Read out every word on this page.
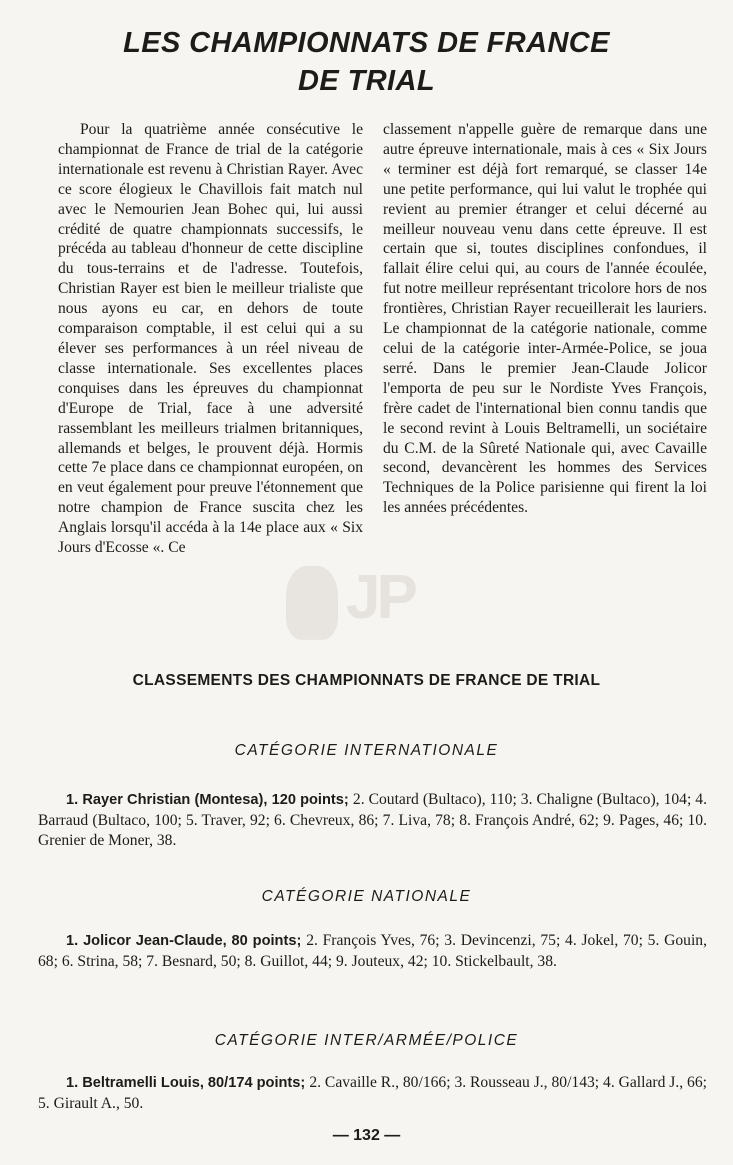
LES CHAMPIONNATS DE FRANCE
DE TRIAL

Pour la quatrième année consécutive le championnat de France de trial de la catégorie internationale est revenu à Christian Rayer. Avec ce score élogieux le Chavillois fait match nul avec le Nemourien Jean Bohec qui, lui aussi crédité de quatre championnats successifs, le précéda au tableau d'honneur de cette discipline du tous-terrains et de l'adresse. Toutefois, Christian Rayer est bien le meilleur trialiste que nous ayons eu car, en dehors de toute comparaison comptable, il est celui qui a su élever ses performances à un réel niveau de classe internationale. Ses excellentes places conquises dans les épreuves du championnat d'Europe de Trial, face à une adversité rassemblant les meilleurs trialmen britanniques, allemands et belges, le prouvent déjà. Hormis cette 7e place dans ce championnat européen, on en veut également pour preuve l'étonnement que notre champion de France suscita chez les Anglais lorsqu'il accéda à la 14e place aux « Six Jours d'Ecosse «. Ce

classement n'appelle guère de remarque dans une autre épreuve internationale, mais à ces « Six Jours « terminer est déjà fort remarqué, se classer 14e une petite performance, qui lui valut le trophée qui revient au premier étranger et celui décerné au meilleur nouveau venu dans cette épreuve. Il est certain que si, toutes disciplines confondues, il fallait élire celui qui, au cours de l'année écoulée, fut notre meilleur représentant tricolore hors de nos frontières, Christian Rayer recueillerait les lauriers. Le championnat de la catégorie nationale, comme celui de la catégorie inter-Armée-Police, se joua serré. Dans le premier Jean-Claude Jolicor l'emporta de peu sur le Nordiste Yves François, frère cadet de l'international bien connu tandis que le second revint à Louis Beltramelli, un sociétaire du C.M. de la Sûreté Nationale qui, avec Cavaille second, devancèrent les hommes des Services Techniques de la Police parisienne qui firent la loi les années précédentes.

JP
CLASSEMENTS DES CHAMPIONNATS DE FRANCE DE TRIAL
CATÉGORIE INTERNATIONALE
1. Rayer Christian (Montesa), 120 points; 2. Coutard (Bultaco), 110; 3. Chaligne (Bultaco), 104; 4. Barraud (Bultaco, 100; 5. Traver, 92; 6. Chevreux, 86; 7. Liva, 78; 8. François André, 62; 9. Pages, 46; 10. Grenier de Moner, 38.
CATÉGORIE NATIONALE
1. Jolicor Jean-Claude, 80 points; 2. François Yves, 76; 3. Devincenzi, 75; 4. Jokel, 70; 5. Gouin, 68; 6. Strina, 58; 7. Besnard, 50; 8. Guillot, 44; 9. Jouteux, 42; 10. Stickelbault, 38.
CATÉGORIE INTER/ARMÉE/POLICE
1. Beltramelli Louis, 80/174 points; 2. Cavaille R., 80/166; 3. Rousseau J., 80/143; 4. Gallard J., 66; 5. Girault A., 50.
— 132 —
